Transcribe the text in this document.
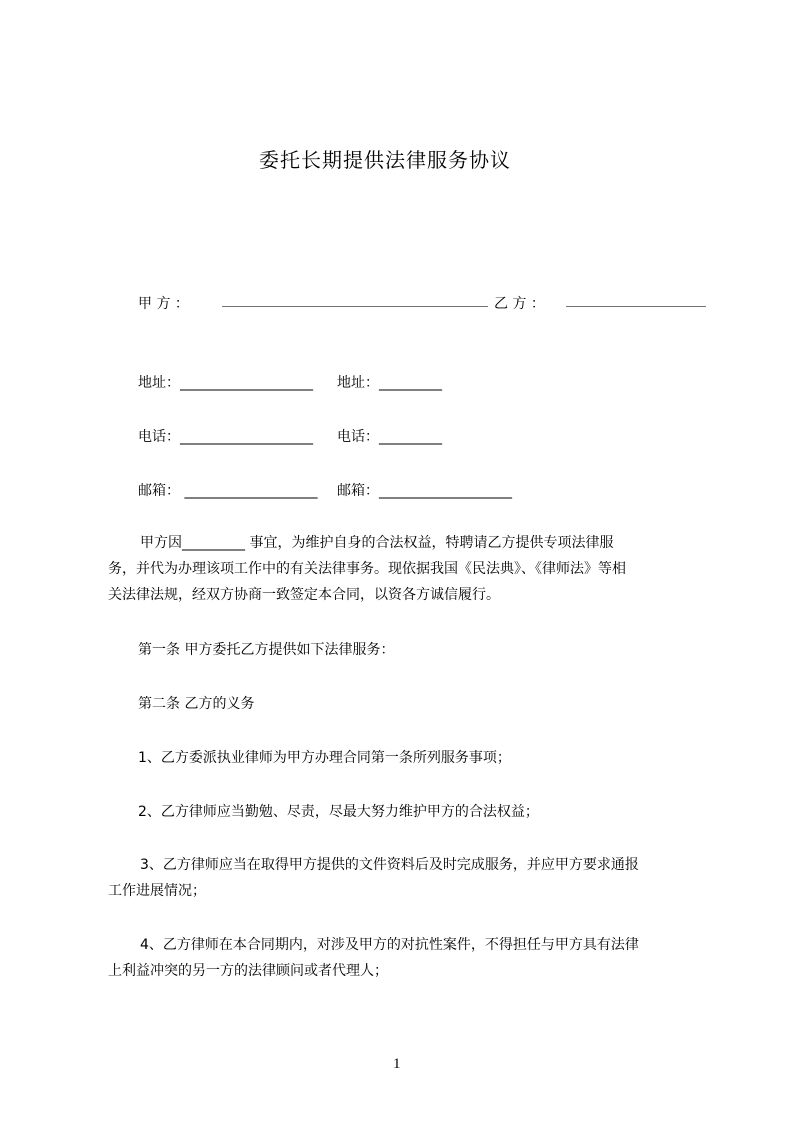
委托长期提供法律服务协议
甲 方 ： ＿＿＿＿＿＿＿＿＿＿＿＿＿＿＿＿＿＿＿ 乙 方 ： ＿＿＿＿＿＿＿＿＿＿
地址：___________________ 地址：_________
电话：___________________ 电话：_________
邮箱： ___________________ 邮箱：___________________
甲方因_________ 事宜，为维护自身的合法权益，特聘请乙方提供专项法律服
务，并代为办理该项工作中的有关法律事务。现依据我国《民法典》、《律师法》等相
关法律法规，经双方协商一致签定本合同，以资各方诚信履行。
第一条 甲方委托乙方提供如下法律服务：
第二条 乙方的义务
1、乙方委派执业律师为甲方办理合同第一条所列服务事项；
2、乙方律师应当勤勉、尽责，尽最大努力维护甲方的合法权益；
3、乙方律师应当在取得甲方提供的文件资料后及时完成服务，并应甲方要求通报
工作进展情况；
4、乙方律师在本合同期内，对涉及甲方的对抗性案件，不得担任与甲方具有法律
上利益冲突的另一方的法律顾问或者代理人；
1
